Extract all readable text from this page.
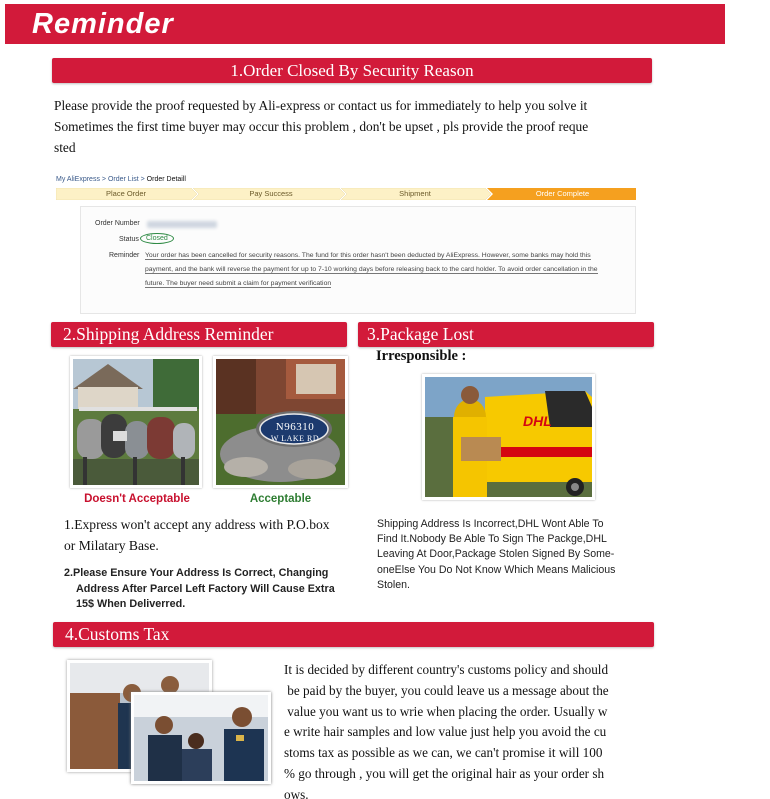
Reminder
1.Order Closed By Security Reason
Please provide the proof requested by Ali-express or contact us for immediately to help you solve it
Sometimes the first time buyer may occur this problem , don't be upset , pls provide the proof reque
sted
My AliExpress > Order List > Order Detaill
Place Order	Pay Success	Shipment	Order Complete
Order Number
Status	Closed
Reminder Your order has been cancelled for security reasons. The fund for this order hasn't been deducted by AliExpress. However, some banks may hold this
payment, and the bank will reverse the payment for up to 7-10 working days before releasing back to the card holder. To avoid order cancellation in the
future. The buyer need submit a claim for payment verification
2.Shipping Address Reminder
Doesn't Acceptable
N96310
W LAKE RD
Acceptable
1.Express won't accept any address with P.O.box
or Milatary Base.
2.Please Ensure Your Address Is Correct, Changing
Address After Parcel Left Factory Will Cause Extra
15$ When Deliverred.
3.Package Lost
Irresponsible :
DHL
Shipping Address Is Incorrect,DHL Wont Able To
Find It.Nobody Be Able To Sign The Packge,DHL
Leaving At Door,Package Stolen Signed By Some-
oneElse You Do Not Know Which Means Malicious
Stolen.
4.Customs Tax
It is decided by different country's customs policy and should
be paid by the buyer, you could leave us a message about the
value you want us to wrie when placing the order. Usually w
e write hair samples and low value just help you avoid the cu
stoms tax as possible as we can, we can't promise it will 100
% go through , you will get the original hair as your order sh
ows.
